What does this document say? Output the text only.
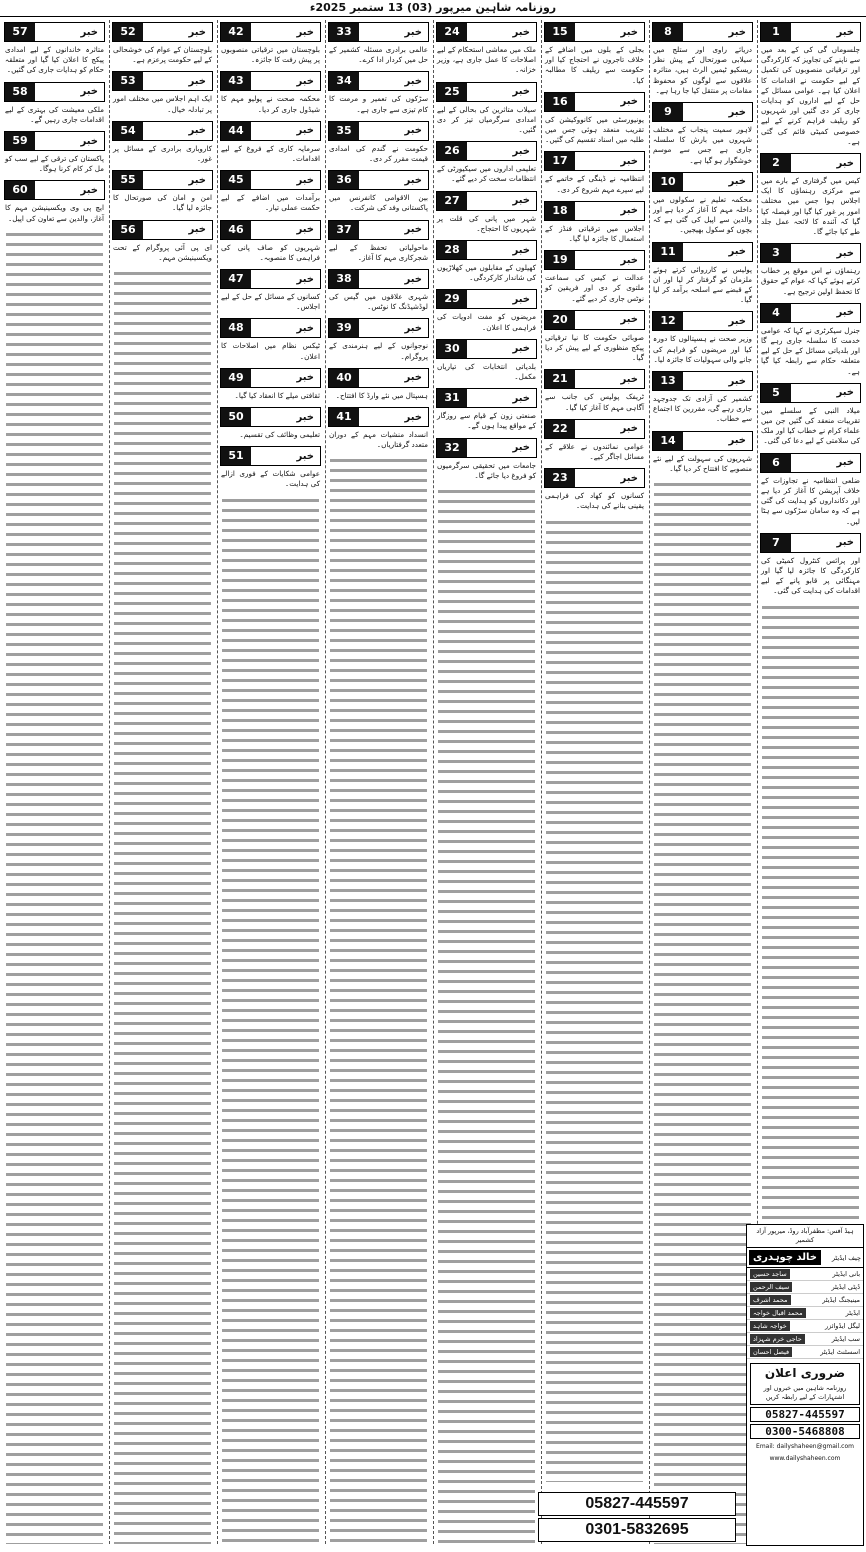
روزنامہ شاہین میرپور (03) 13 ستمبر 2025ء
1	خبر
چلسوماں گی کی کے بعد میں سے ناپنے کی تجاویز کہ کارکردگی اور ترقیاتی منصوبوں کی تکمیل کے لیے حکومت نے اقدامات کا اعلان کیا ہے۔ عوامی مسائل کے حل کے لیے اداروں کو ہدایات جاری کر دی گئیں اور شہریوں کو ریلیف فراہم کرنے کے لیے خصوصی کمیٹی قائم کی گئی ہے۔
2	خبر
کیس میں گرفتاری کے بارے میں سے مرکزی رہنماؤں کا ایک اجلاس ہوا جس میں مختلف امور پر غور کیا گیا اور فیصلہ کیا گیا کہ آئندہ کا لائحہ عمل جلد طے کیا جائے گا۔
3	خبر
رہنماؤں نے اس موقع پر خطاب کرتے ہوئے کہا کہ عوام کے حقوق کا تحفظ اولین ترجیح ہے۔
4	خبر
جنرل سیکرٹری نے کہا کہ عوامی خدمت کا سلسلہ جاری رہے گا اور بلدیاتی مسائل کے حل کے لیے متعلقہ حکام سے رابطہ کیا گیا ہے۔
5	خبر
میلاد النبی کے سلسلے میں تقریبات منعقد کی گئیں جن میں علماء کرام نے خطاب کیا اور ملک کی سلامتی کے لیے دعا کی گئی۔
6	خبر
ضلعی انتظامیہ نے تجاوزات کے خلاف آپریشن کا آغاز کر دیا ہے اور دکانداروں کو ہدایت کی گئی ہے کہ وہ سامان سڑکوں سے ہٹا لیں۔
7	خبر
اور پرائس کنٹرول کمیٹی کی کارکردگی کا جائزہ لیا گیا اور مہنگائی پر قابو پانے کے لیے اقدامات کی ہدایت کی گئی۔
8	خبر
دریائے راوی اور ستلج میں سیلابی صورتحال کے پیش نظر ریسکیو ٹیمیں الرٹ ہیں، متاثرہ علاقوں سے لوگوں کو محفوظ مقامات پر منتقل کیا جا رہا ہے۔
9	خبر
لاہور سمیت پنجاب کے مختلف شہروں میں بارش کا سلسلہ جاری ہے جس سے موسم خوشگوار ہو گیا ہے۔
10	خبر
محکمہ تعلیم نے سکولوں میں داخلہ مہم کا آغاز کر دیا ہے اور والدین سے اپیل کی گئی ہے کہ بچوں کو سکول بھیجیں۔
11	خبر
پولیس نے کارروائی کرتے ہوئے ملزمان کو گرفتار کر لیا اور ان کے قبضے سے اسلحہ برآمد کر لیا گیا۔
12	خبر
وزیر صحت نے ہسپتالوں کا دورہ کیا اور مریضوں کو فراہم کی جانے والی سہولیات کا جائزہ لیا۔
13	خبر
کشمیر کی آزادی تک جدوجہد جاری رہے گی، مقررین کا اجتماع سے خطاب۔
14	خبر
شہریوں کی سہولت کے لیے نئے منصوبے کا افتتاح کر دیا گیا۔
15	خبر
بجلی کے بلوں میں اضافے کے خلاف تاجروں نے احتجاج کیا اور حکومت سے ریلیف کا مطالبہ کیا۔
16	خبر
یونیورسٹی میں کانووکیشن کی تقریب منعقد ہوئی جس میں طلبہ میں اسناد تقسیم کی گئیں۔
17	خبر
انتظامیہ نے ڈینگی کے خاتمے کے لیے سپرے مہم شروع کر دی۔
18	خبر
اجلاس میں ترقیاتی فنڈز کے استعمال کا جائزہ لیا گیا۔
19	خبر
عدالت نے کیس کی سماعت ملتوی کر دی اور فریقین کو نوٹس جاری کر دیے گئے۔
20	خبر
صوبائی حکومت کا نیا ترقیاتی پیکج منظوری کے لیے پیش کر دیا گیا۔
21	خبر
ٹریفک پولیس کی جانب سے آگاہی مہم کا آغاز کیا گیا۔
22	خبر
عوامی نمائندوں نے علاقے کے مسائل اجاگر کیے۔
23	خبر
کسانوں کو کھاد کی فراہمی یقینی بنانے کی ہدایت۔
24	خبر
ملک میں معاشی استحکام کے لیے اصلاحات کا عمل جاری ہے، وزیر خزانہ۔
25	خبر
سیلاب متاثرین کی بحالی کے لیے امدادی سرگرمیاں تیز کر دی گئیں۔
26	خبر
تعلیمی اداروں میں سیکیورٹی کے انتظامات سخت کر دیے گئے۔
27	خبر
شہر میں پانی کی قلت پر شہریوں کا احتجاج۔
28	خبر
کھیلوں کے مقابلوں میں کھلاڑیوں کی شاندار کارکردگی۔
29	خبر
مریضوں کو مفت ادویات کی فراہمی کا اعلان۔
30	خبر
بلدیاتی انتخابات کی تیاریاں مکمل۔
31	خبر
صنعتی زون کے قیام سے روزگار کے مواقع پیدا ہوں گے۔
32	خبر
جامعات میں تحقیقی سرگرمیوں کو فروغ دیا جائے گا۔
33	خبر
عالمی برادری مسئلہ کشمیر کے حل میں کردار ادا کرے۔
34	خبر
سڑکوں کی تعمیر و مرمت کا کام تیزی سے جاری ہے۔
35	خبر
حکومت نے گندم کی امدادی قیمت مقرر کر دی۔
36	خبر
بین الاقوامی کانفرنس میں پاکستانی وفد کی شرکت۔
37	خبر
ماحولیاتی تحفظ کے لیے شجرکاری مہم کا آغاز۔
38	خبر
شہری علاقوں میں گیس کی لوڈشیڈنگ کا نوٹس۔
39	خبر
نوجوانوں کے لیے ہنرمندی کے پروگرام۔
40	خبر
ہسپتال میں نئے وارڈ کا افتتاح۔
41	خبر
انسداد منشیات مہم کے دوران متعدد گرفتاریاں۔
42	خبر
بلوچستان میں ترقیاتی منصوبوں پر پیش رفت کا جائزہ۔
43	خبر
محکمہ صحت نے پولیو مہم کا شیڈول جاری کر دیا۔
44	خبر
سرمایہ کاری کے فروغ کے لیے اقدامات۔
45	خبر
برآمدات میں اضافے کے لیے حکمت عملی تیار۔
46	خبر
شہریوں کو صاف پانی کی فراہمی کا منصوبہ۔
47	خبر
کسانوں کے مسائل کے حل کے لیے اجلاس۔
48	خبر
ٹیکس نظام میں اصلاحات کا اعلان۔
49	خبر
ثقافتی میلے کا انعقاد کیا گیا۔
50	خبر
تعلیمی وظائف کی تقسیم۔
51	خبر
عوامی شکایات کے فوری ازالے کی ہدایت۔
52	خبر
بلوچستان کے عوام کی خوشحالی کے لیے حکومت پرعزم ہے۔
53	خبر
ایک اہم اجلاس میں مختلف امور پر تبادلہ خیال۔
54	خبر
کاروباری برادری کے مسائل پر غور۔
55	خبر
امن و امان کی صورتحال کا جائزہ لیا گیا۔
56	خبر
ای پی آئی پروگرام کے تحت ویکسینیشن مہم۔
57	خبر
متاثرہ خاندانوں کے لیے امدادی پیکج کا اعلان کیا گیا اور متعلقہ حکام کو ہدایات جاری کی گئیں۔
58	خبر
ملکی معیشت کی بہتری کے لیے اقدامات جاری رہیں گے۔
59	خبر
پاکستان کی ترقی کے لیے سب کو مل کر کام کرنا ہوگا۔
60	خبر
ایچ پی وی ویکسینیشن مہم کا آغاز، والدین سے تعاون کی اپیل۔
ہیڈ آفس: مظفرآباد روڈ، میرپور آزاد کشمیر
چیف ایڈیٹر
خالد چوہدری
بانی ایڈیٹر
ساجد حسین
ڈپٹی ایڈیٹر
سیف الرحمن
مینیجنگ ایڈیٹر
محمد اشرف
ایڈیٹر
محمد اقبال خواجہ
لیگل ایڈوائزر
خواجہ شاہد
سب ایڈیٹر
حاجی خرم شہزاد
اسسٹنٹ ایڈیٹر
فیصل احسان
ضروری اعلان
روزنامہ شاہین میں خبروں اور اشتہارات کے لیے رابطہ کریں
05827-445597
0300-5468808
Email: dailyshaheen@gmail.com
www.dailyshaheen.com
05827-445597
0301-5832695
